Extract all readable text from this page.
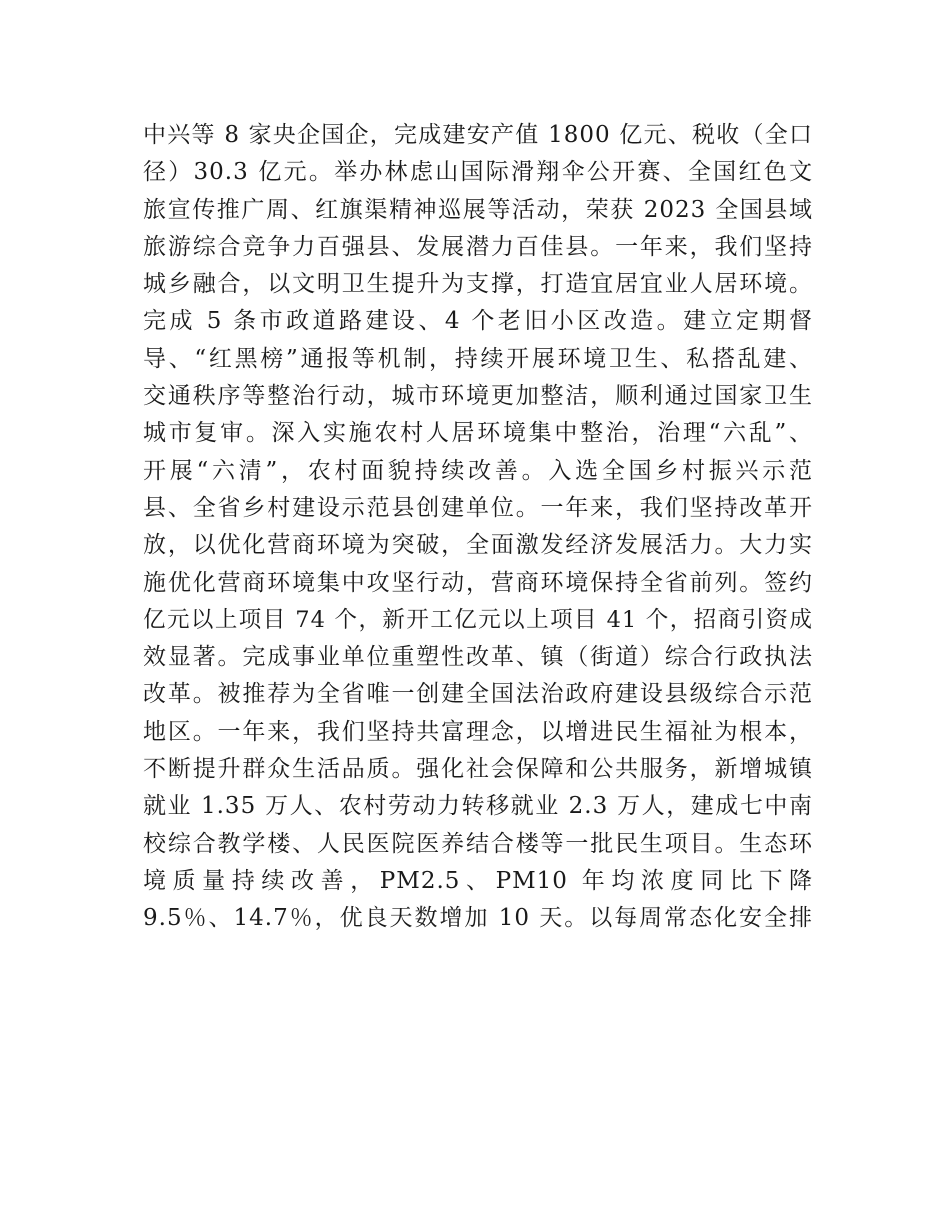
中兴等 8 家央企国企，完成建安产值 1800 亿元、税收（全口
径）30.3 亿元。举办林虑山国际滑翔伞公开赛、全国红色文
旅宣传推广周、红旗渠精神巡展等活动，荣获 2023 全国县域
旅游综合竞争力百强县、发展潜力百佳县。一年来，我们坚持
城乡融合，以文明卫生提升为支撑，打造宜居宜业人居环境。
完成 5 条市政道路建设、4 个老旧小区改造。建立定期督
导、“红黑榜”通报等机制，持续开展环境卫生、私搭乱建、
交通秩序等整治行动，城市环境更加整洁，顺利通过国家卫生
城市复审。深入实施农村人居环境集中整治，治理“六乱”、
开展“六清”，农村面貌持续改善。入选全国乡村振兴示范
县、全省乡村建设示范县创建单位。一年来，我们坚持改革开
放，以优化营商环境为突破，全面激发经济发展活力。大力实
施优化营商环境集中攻坚行动，营商环境保持全省前列。签约
亿元以上项目 74 个，新开工亿元以上项目 41 个，招商引资成
效显著。完成事业单位重塑性改革、镇（街道）综合行政执法
改革。被推荐为全省唯一创建全国法治政府建设县级综合示范
地区。一年来，我们坚持共富理念，以增进民生福祉为根本，
不断提升群众生活品质。强化社会保障和公共服务，新增城镇
就业 1.35 万人、农村劳动力转移就业 2.3 万人，建成七中南
校综合教学楼、人民医院医养结合楼等一批民生项目。生态环
境质量持续改善，PM2.5、PM10 年均浓度同比下降
9.5％、14.7％，优良天数增加 10 天。以每周常态化安全排
